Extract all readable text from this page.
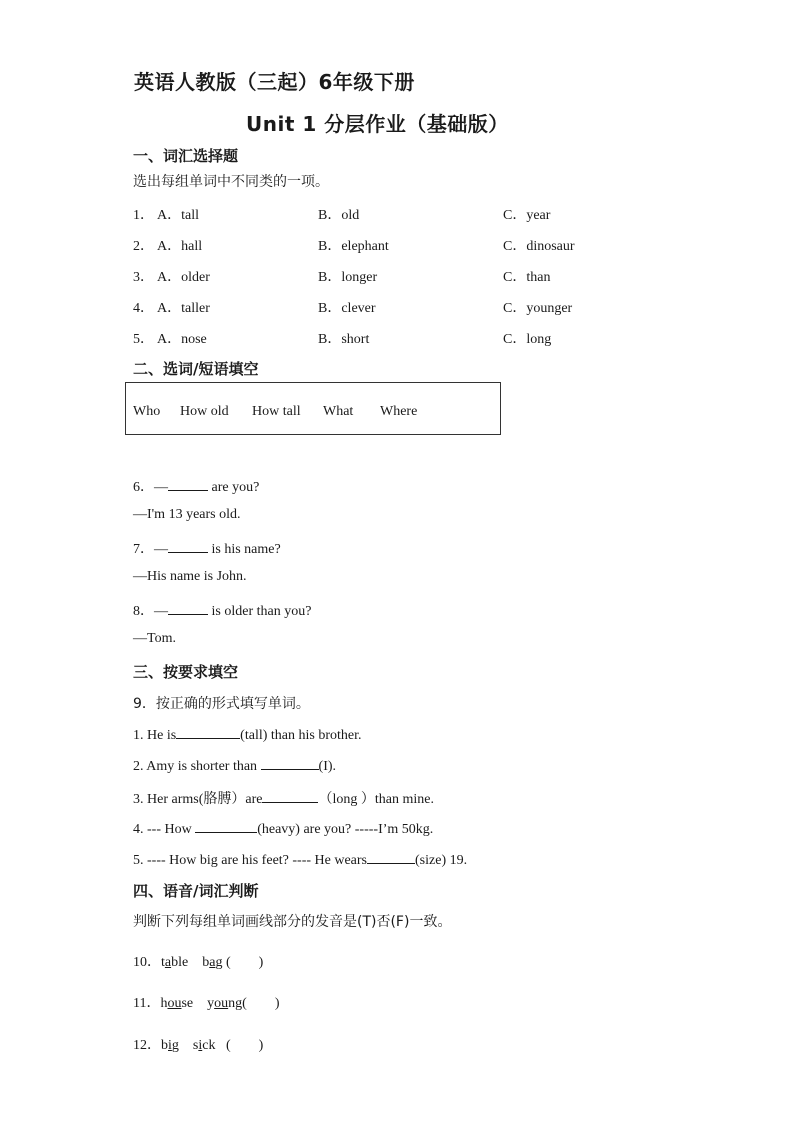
英语人教版（三起）6年级下册
Unit 1 分层作业（基础版）
一、词汇选择题
选出每组单词中不同类的一项。
1． A．tall	B．old	C．year
2． A．hall	B．elephant	C．dinosaur
3． A．older	B．longer	C．than
4． A．taller	B．clever	C．younger
5． A．nose	B．short	C．long
二、选词/短语填空
Who How old How tall What Where
6．—	are you?
—I'm 13 years old.
7．—	is his name?
—His name is John.
8．—	is older than you?
—Tom.
三、按要求填空
9．按正确的形式填写单词。
1. He is	(tall) than his brother.
2. Amy is shorter than	(I).
3. Her arms(胳膊）are	（long ）than mine.
4. --- How	(heavy) are you? -----I’m 50kg.
5. ---- How big are his feet? ---- He wears	(size) 19.
四、语音/词汇判断
判断下列每组单词画线部分的发音是(T)否(F)一致。
10．table bag (　　)
11．house young(　　)
12．big sick (　　)
